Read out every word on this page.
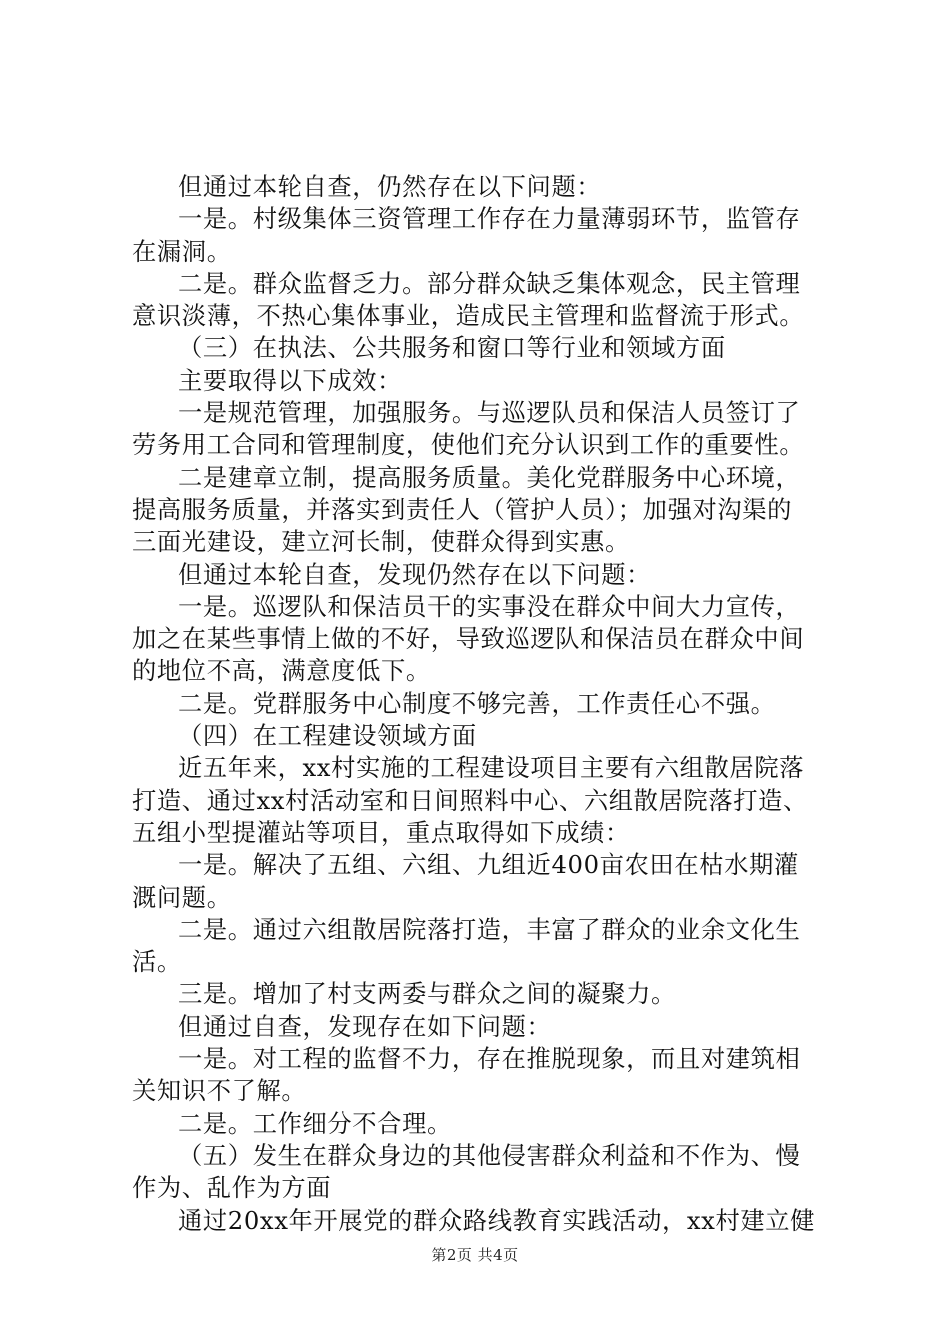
但通过本轮自查，仍然存在以下问题：
一是。村级集体三资管理工作存在力量薄弱环节，监管存
在漏洞。
二是。群众监督乏力。部分群众缺乏集体观念，民主管理
意识淡薄，不热心集体事业，造成民主管理和监督流于形式。
（三）在执法、公共服务和窗口等行业和领域方面
主要取得以下成效：
一是规范管理，加强服务。与巡逻队员和保洁人员签订了
劳务用工合同和管理制度，使他们充分认识到工作的重要性。
二是建章立制，提高服务质量。美化党群服务中心环境，
提高服务质量，并落实到责任人（管护人员）；加强对沟渠的
三面光建设，建立河长制，使群众得到实惠。
但通过本轮自查，发现仍然存在以下问题：
一是。巡逻队和保洁员干的实事没在群众中间大力宣传，
加之在某些事情上做的不好，导致巡逻队和保洁员在群众中间
的地位不高，满意度低下。
二是。党群服务中心制度不够完善，工作责任心不强。
（四）在工程建设领域方面
近五年来，xx村实施的工程建设项目主要有六组散居院落
打造、通过xx村活动室和日间照料中心、六组散居院落打造、
五组小型提灌站等项目，重点取得如下成绩：
一是。解决了五组、六组、九组近400亩农田在枯水期灌
溉问题。
二是。通过六组散居院落打造，丰富了群众的业余文化生
活。
三是。增加了村支两委与群众之间的凝聚力。
但通过自查，发现存在如下问题：
一是。对工程的监督不力，存在推脱现象，而且对建筑相
关知识不了解。
二是。工作细分不合理。
（五）发生在群众身边的其他侵害群众利益和不作为、慢
作为、乱作为方面
通过20xx年开展党的群众路线教育实践活动，xx村建立健
第2页 共4页
